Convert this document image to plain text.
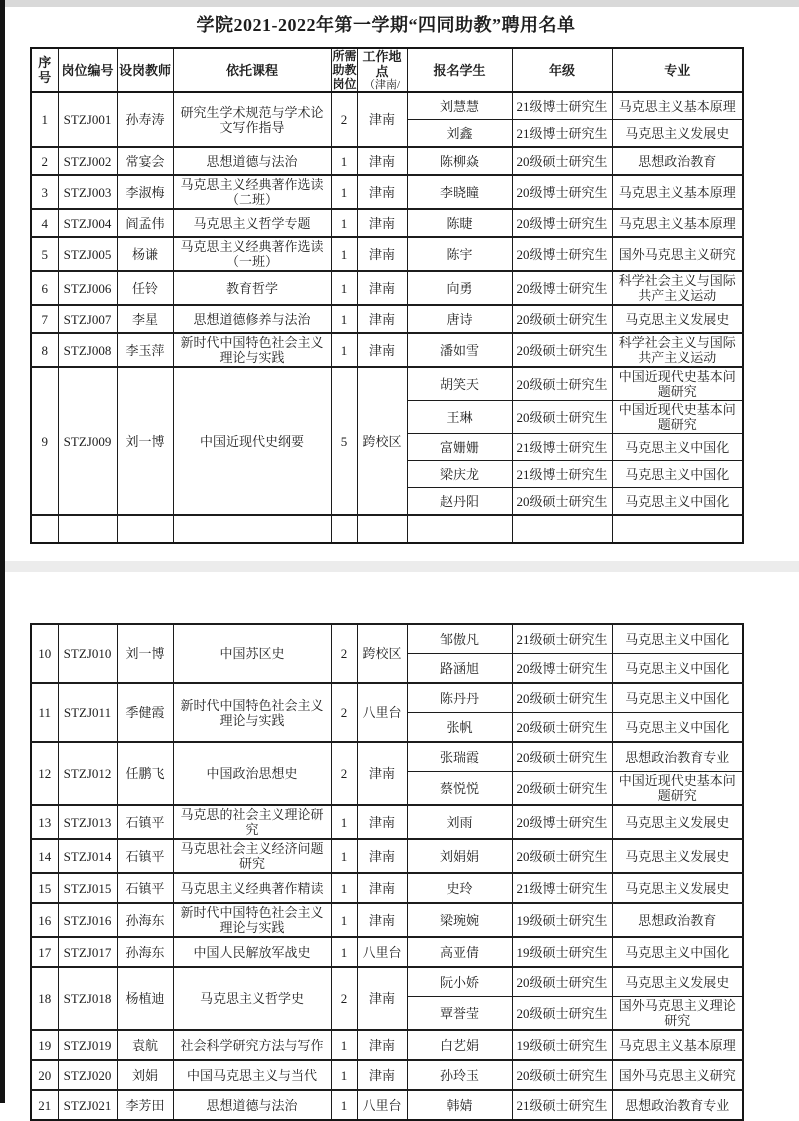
学院2021-2022年第一学期“四同助教”聘用名单
序号	岗位编号	设岗教师	依托课程	所需助教岗位	工作地点
（津南/	报名学生	年级	专业

1	STZJ001	孙寿涛	研究生学术规范与学术论文写作指导	2	津南	刘慧慧	21级博士研究生	马克思主义基本原理
						刘鑫	21级博士研究生	马克思主义发展史
2	STZJ002	常宴会	思想道德与法治	1	津南	陈柳焱	20级硕士研究生	思想政治教育
3	STZJ003	李淑梅	马克思主义经典著作选读（二班）	1	津南	李晓瞳	20级博士研究生	马克思主义基本原理
4	STZJ004	阎孟伟	马克思主义哲学专题	1	津南	陈睫	20级博士研究生	马克思主义基本原理
5	STZJ005	杨谦	马克思主义经典著作选读（一班）	1	津南	陈宇	20级博士研究生	国外马克思主义研究
6	STZJ006	任铃	教育哲学	1	津南	向勇	20级博士研究生	科学社会主义与国际共产主义运动
7	STZJ007	李星	思想道德修养与法治	1	津南	唐诗	20级硕士研究生	马克思主义发展史
8	STZJ008	李玉萍	新时代中国特色社会主义理论与实践	1	津南	潘如雪	20级硕士研究生	科学社会主义与国际共产主义运动
9	STZJ009	刘一博	中国近现代史纲要	5	跨校区	胡笑天	20级硕士研究生	中国近现代史基本问题研究
						王琳	20级硕士研究生	中国近现代史基本问题研究
						富姗姗	21级博士研究生	马克思主义中国化
						梁庆龙	21级博士研究生	马克思主义中国化
						赵丹阳	20级硕士研究生	马克思主义中国化

10	STZJ010	刘一博	中国苏区史	2	跨校区	邹傲凡	21级硕士研究生	马克思主义中国化
						路涵旭	20级博士研究生	马克思主义中国化
11	STZJ011	季健霞	新时代中国特色社会主义理论与实践	2	八里台	陈丹丹	20级硕士研究生	马克思主义中国化
						张帆	20级硕士研究生	马克思主义中国化
12	STZJ012	任鹏飞	中国政治思想史	2	津南	张瑞霞	20级硕士研究生	思想政治教育专业
						蔡悦悦	20级硕士研究生	中国近现代史基本问题研究
13	STZJ013	石镇平	马克思的社会主义理论研究	1	津南	刘雨	20级博士研究生	马克思主义发展史
14	STZJ014	石镇平	马克思社会主义经济问题研究	1	津南	刘娟娟	20级硕士研究生	马克思主义发展史
15	STZJ015	石镇平	马克思主义经典著作精读	1	津南	史玲	21级博士研究生	马克思主义发展史
16	STZJ016	孙海东	新时代中国特色社会主义理论与实践	1	津南	梁琬婉	19级硕士研究生	思想政治教育
17	STZJ017	孙海东	中国人民解放军战史	1	八里台	高亚倩	19级硕士研究生	马克思主义中国化
18	STZJ018	杨植迪	马克思主义哲学史	2	津南	阮小娇	20级硕士研究生	马克思主义发展史
						覃誉莹	20级硕士研究生	国外马克思主义理论研究
19	STZJ019	袁航	社会科学研究方法与写作	1	津南	白艺娟	19级硕士研究生	马克思主义基本原理
20	STZJ020	刘娟	中国马克思主义与当代	1	津南	孙玲玉	20级硕士研究生	国外马克思主义研究
21	STZJ021	李芳田	思想道德与法治	1	八里台	韩婧	21级硕士研究生	思想政治教育专业
